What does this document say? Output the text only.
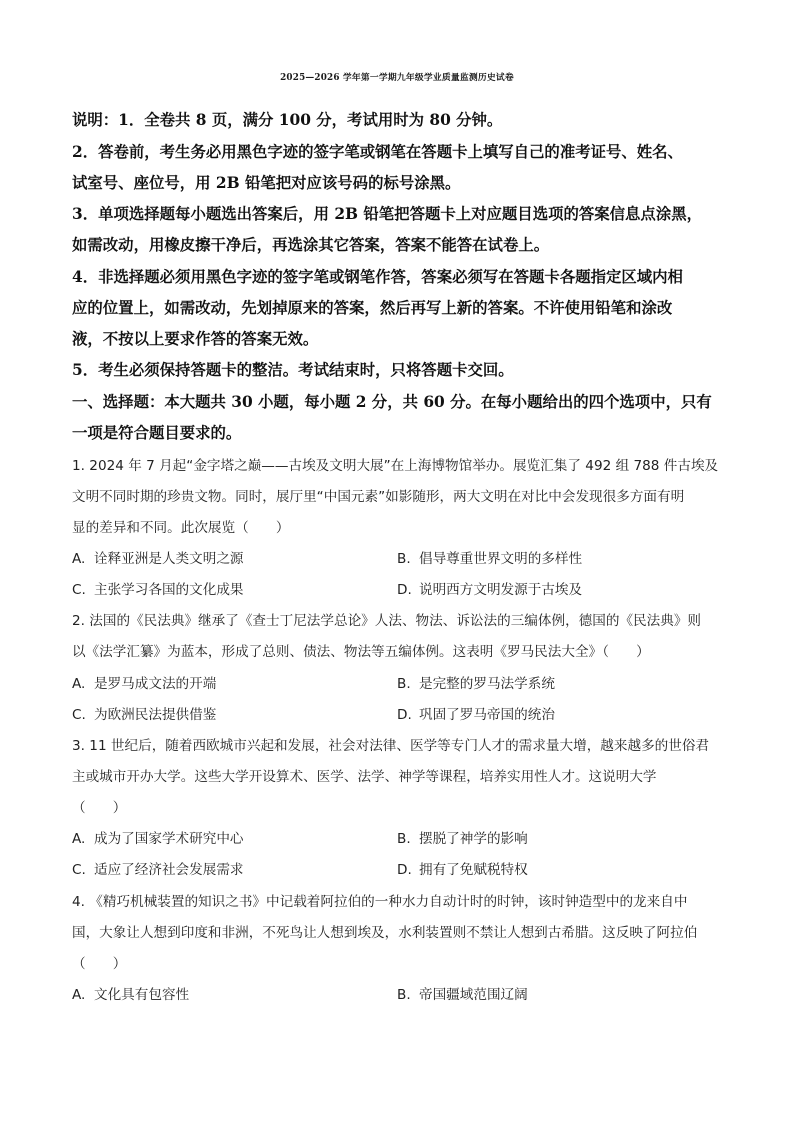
2025—2026 学年第一学期九年级学业质量监测历史试卷
说明：1．全卷共 8 页，满分 100 分，考试用时为 80 分钟。
2．答卷前，考生务必用黑色字迹的签字笔或钢笔在答题卡上填写自己的准考证号、姓名、
试室号、座位号，用 2B 铅笔把对应该号码的标号涂黑。
3．单项选择题每小题选出答案后，用 2B 铅笔把答题卡上对应题目选项的答案信息点涂黑，
如需改动，用橡皮擦干净后，再选涂其它答案，答案不能答在试卷上。
4．非选择题必须用黑色字迹的签字笔或钢笔作答，答案必须写在答题卡各题指定区域内相
应的位置上，如需改动，先划掉原来的答案，然后再写上新的答案。不许使用铅笔和涂改
液，不按以上要求作答的答案无效。
5．考生必须保持答题卡的整洁。考试结束时，只将答题卡交回。
一、选择题：本大题共 30 小题，每小题 2 分，共 60 分。在每小题给出的四个选项中，只有
一项是符合题目要求的。
1. 2024 年 7 月起“金字塔之巅——古埃及文明大展”在上海博物馆举办。展览汇集了 492 组 788 件古埃及
文明不同时期的珍贵文物。同时，展厅里“中国元素”如影随形，两大文明在对比中会发现很多方面有明
显的差异和不同。此次展览（　　）
A. 诠释亚洲是人类文明之源	B. 倡导尊重世界文明的多样性
C. 主张学习各国的文化成果	D. 说明西方文明发源于古埃及
2. 法国的《民法典》继承了《查士丁尼法学总论》人法、物法、诉讼法的三编体例，德国的《民法典》则
以《法学汇纂》为蓝本，形成了总则、债法、物法等五编体例。这表明《罗马民法大全》（　　）
A. 是罗马成文法的开端	B. 是完整的罗马法学系统
C. 为欧洲民法提供借鉴	D. 巩固了罗马帝国的统治
3. 11 世纪后，随着西欧城市兴起和发展，社会对法律、医学等专门人才的需求量大增，越来越多的世俗君
主或城市开办大学。这些大学开设算术、医学、法学、神学等课程，培养实用性人才。这说明大学
（　　）
A. 成为了国家学术研究中心	B. 摆脱了神学的影响
C. 适应了经济社会发展需求	D. 拥有了免赋税特权
4. 《精巧机械装置的知识之书》中记载着阿拉伯的一种水力自动计时的时钟，该时钟造型中的龙来自中
国，大象让人想到印度和非洲，不死鸟让人想到埃及，水利装置则不禁让人想到古希腊。这反映了阿拉伯
（　　）
A. 文化具有包容性	B. 帝国疆域范围辽阔
